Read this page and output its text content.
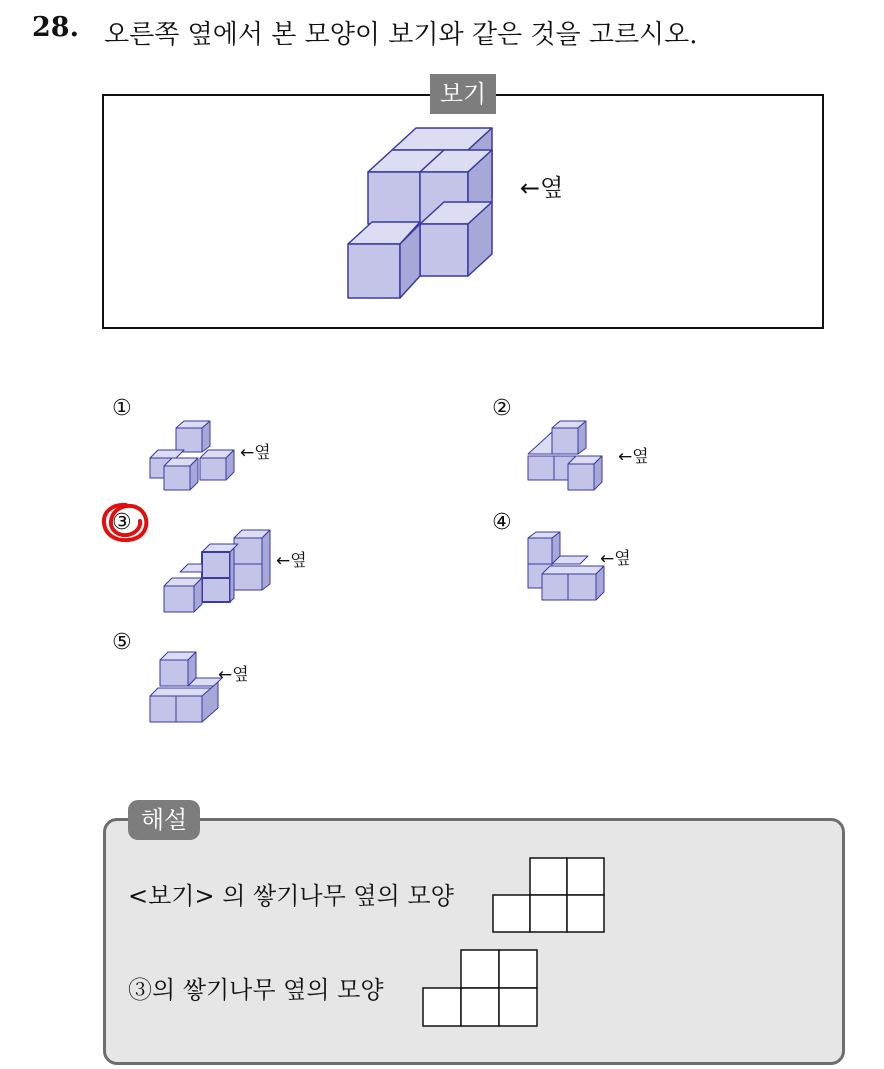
28. 오른쪽 옆에서 본 모양이 보기와 같은 것을 고르시오.
보기
←옆
①
←옆
②
←옆
③
←옆
④
←옆
⑤
←옆
해설
<보기> 의 쌓기나무 옆의 모양
③의 쌓기나무 옆의 모양
